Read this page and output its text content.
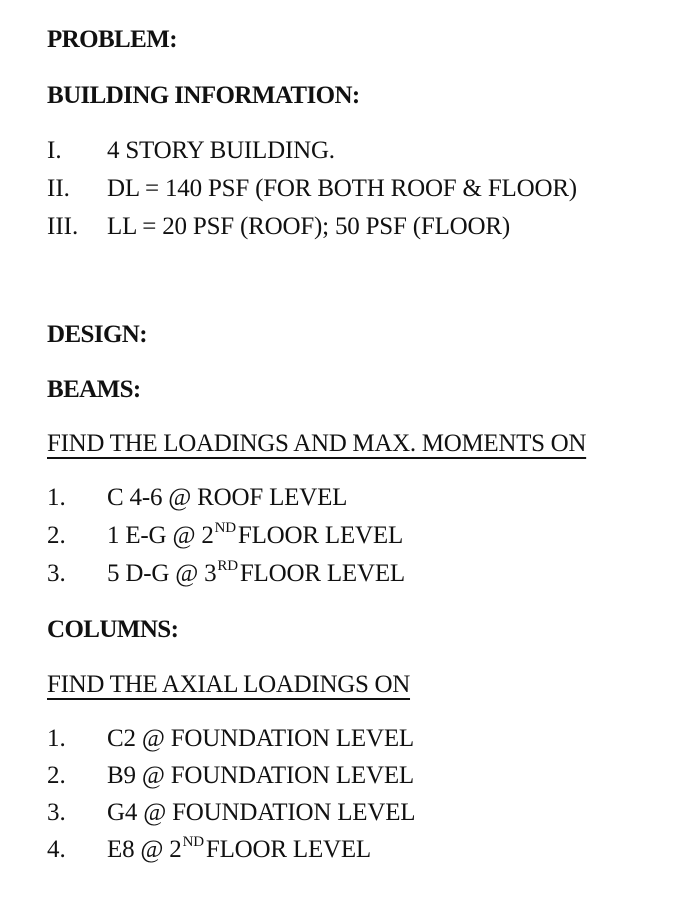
PROBLEM:

BUILDING INFORMATION:

I. 4 STORY BUILDING.
II. DL = 140 PSF (FOR BOTH ROOF & FLOOR)
III. LL = 20 PSF (ROOF); 50 PSF (FLOOR)

DESIGN:

BEAMS:

FIND THE LOADINGS AND MAX. MOMENTS ON

1. C 4-6 @ ROOF LEVEL
2. 1 E-G @ 2NDFLOOR LEVEL
3. 5 D-G @ 3RDFLOOR LEVEL

COLUMNS:

FIND THE AXIAL LOADINGS ON

1. C2 @ FOUNDATION LEVEL
2. B9 @ FOUNDATION LEVEL
3. G4 @ FOUNDATION LEVEL
4. E8 @ 2NDFLOOR LEVEL
